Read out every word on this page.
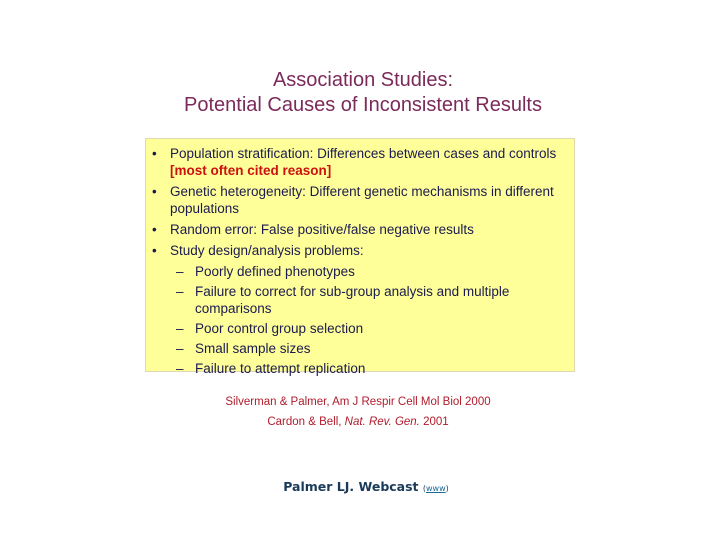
Association Studies:
Potential Causes of Inconsistent Results
• Population stratification: Differences between cases and controls [most often cited reason]
• Genetic heterogeneity: Different genetic mechanisms in different populations
• Random error: False positive/false negative results
• Study design/analysis problems:
– Poorly defined phenotypes
– Failure to correct for sub-group analysis and multiple comparisons
– Poor control group selection
– Small sample sizes
– Failure to attempt replication
Silverman & Palmer, Am J Respir Cell Mol Biol 2000
Cardon & Bell, Nat. Rev. Gen. 2001
Palmer LJ. Webcast (www)
